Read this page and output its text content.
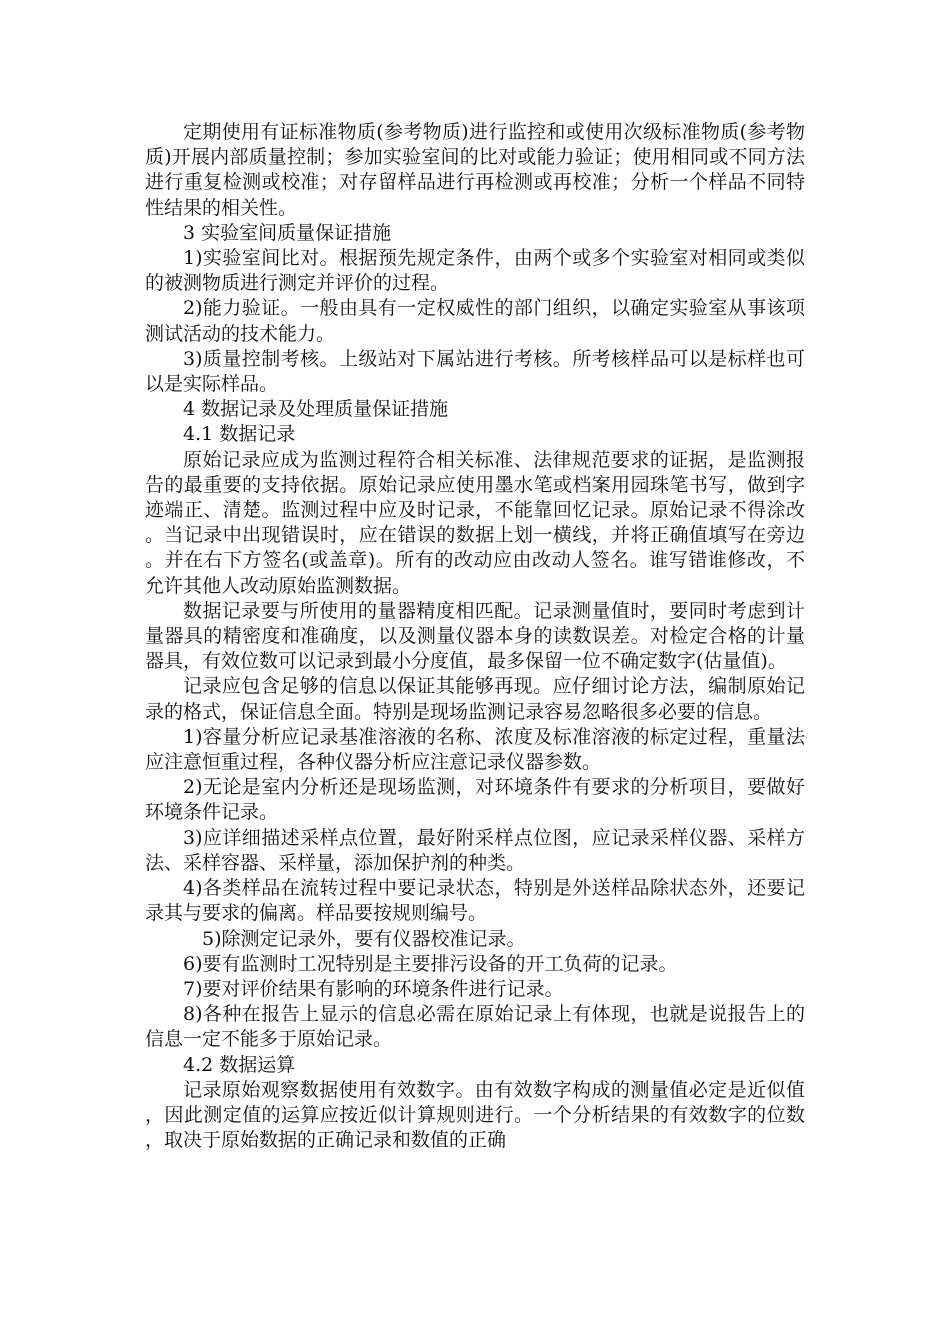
定期使用有证标准物质(参考物质)进行监控和或使用次级标准物质(参考物质)开展内部质量控制；参加实验室间的比对或能力验证；使用相同或不同方法进行重复检测或校准；对存留样品进行再检测或再校准；分析一个样品不同特性结果的相关性。

3 实验室间质量保证措施

1)实验室间比对。根据预先规定条件，由两个或多个实验室对相同或类似的被测物质进行测定并评价的过程。

2)能力验证。一般由具有一定权威性的部门组织，以确定实验室从事该项测试活动的技术能力。

3)质量控制考核。上级站对下属站进行考核。所考核样品可以是标样也可以是实际样品。

4 数据记录及处理质量保证措施

4.1 数据记录

原始记录应成为监测过程符合相关标准、法律规范要求的证据，是监测报告的最重要的支持依据。原始记录应使用墨水笔或档案用园珠笔书写，做到字迹端正、清楚。监测过程中应及时记录，不能靠回忆记录。原始记录不得涂改。当记录中出现错误时，应在错误的数据上划一横线，并将正确值填写在旁边。并在右下方签名(或盖章)。所有的改动应由改动人签名。谁写错谁修改，不允许其他人改动原始监测数据。

数据记录要与所使用的量器精度相匹配。记录测量值时，要同时考虑到计量器具的精密度和准确度，以及测量仪器本身的读数误差。对检定合格的计量器具，有效位数可以记录到最小分度值，最多保留一位不确定数字(估量值)。

记录应包含足够的信息以保证其能够再现。应仔细讨论方法，编制原始记录的格式，保证信息全面。特别是现场监测记录容易忽略很多必要的信息。

1)容量分析应记录基准溶液的名称、浓度及标准溶液的标定过程，重量法应注意恒重过程，各种仪器分析应注意记录仪器参数。

2)无论是室内分析还是现场监测，对环境条件有要求的分析项目，要做好环境条件记录。

3)应详细描述采样点位置，最好附采样点位图，应记录采样仪器、采样方法、采样容器、采样量，添加保护剂的种类。

4)各类样品在流转过程中要记录状态，特别是外送样品除状态外，还要记录其与要求的偏离。样品要按规则编号。

5)除测定记录外，要有仪器校准记录。

6)要有监测时工况特别是主要排污设备的开工负荷的记录。

7)要对评价结果有影响的环境条件进行记录。

8)各种在报告上显示的信息必需在原始记录上有体现，也就是说报告上的信息一定不能多于原始记录。

4.2 数据运算

记录原始观察数据使用有效数字。由有效数字构成的测量值必定是近似值，因此测定值的运算应按近似计算规则进行。一个分析结果的有效数字的位数，取决于原始数据的正确记录和数值的正确
